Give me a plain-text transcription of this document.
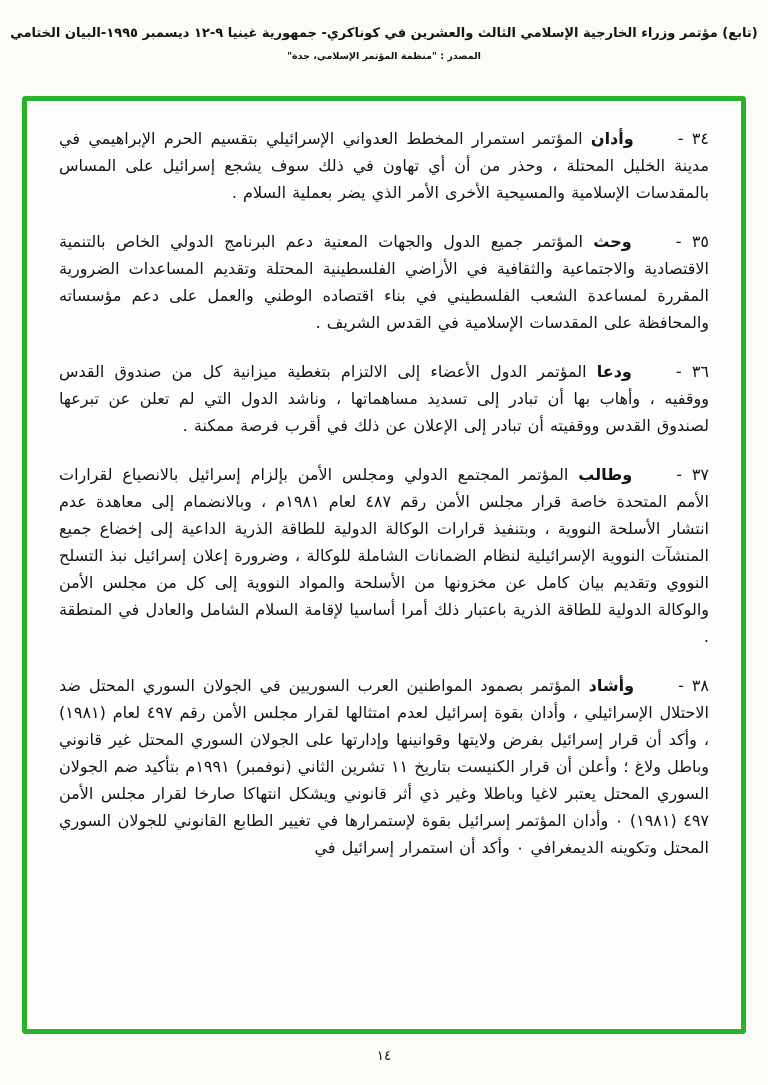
(تابع) مؤتمر وزراء الخارجية الإسلامي الثالث والعشرين في كوناكري- جمهورية غينيا ٩-١٢ ديسمبر ١٩٩٥-البيان الختامي
المصدر : "منظمة المؤتمر الإسلامي، جدة"
٣٤ -وأدان المؤتمر استمرار المخطط العدواني الإسرائيلي بتقسيم الحرم الإبراهيمي في مدينة الخليل المحتلة ، وحذر من أن أي تهاون في ذلك سوف يشجع إسرائيل على المساس بالمقدسات الإسلامية والمسيحية الأخرى الأمر الذي يضر بعملية السلام .
٣٥ -وحث المؤتمر جميع الدول والجهات المعنية دعم البرنامج الدولي الخاص بالتنمية الاقتصادية والاجتماعية والثقافية في الأراضي الفلسطينية المحتلة وتقديم المساعدات الضرورية المقررة لمساعدة الشعب الفلسطيني في بناء اقتصاده الوطني والعمل على دعم مؤسساته والمحافظة على المقدسات الإسلامية في القدس الشريف .
٣٦ -ودعا المؤتمر الدول الأعضاء إلى الالتزام بتغطية ميزانية كل من صندوق القدس ووقفيه ، وأهاب بها أن تبادر إلى تسديد مساهماتها ، وناشد الدول التي لم تعلن عن تبرعها لصندوق القدس ووقفيته أن تبادر إلى الإعلان عن ذلك في أقرب فرصة ممكنة .
٣٧ -وطالب المؤتمر المجتمع الدولي ومجلس الأمن بإلزام إسرائيل بالانصياع لقرارات الأمم المتحدة خاصة قرار مجلس الأمن رقم ٤٨٧ لعام ١٩٨١م ، وبالانضمام إلى معاهدة عدم انتشار الأسلحة النووية ، وبتنفيذ قرارات الوكالة الدولية للطاقة الذرية الداعية إلى إخضاع جميع المنشآت النووية الإسرائيلية لنظام الضمانات الشاملة للوكالة ، وضرورة إعلان إسرائيل نبذ التسلح النووي وتقديم بيان كامل عن مخزونها من الأسلحة والمواد النووية إلى كل من مجلس الأمن والوكالة الدولية للطاقة الذرية باعتبار ذلك أمرا أساسيا لإقامة السلام الشامل والعادل في المنطقة .
٣٨ -وأشاد المؤتمر بصمود المواطنين العرب السوريين في الجولان السوري المحتل ضد الاحتلال الإسرائيلي ، وأدان بقوة إسرائيل لعدم امتثالها لقرار مجلس الأمن رقم ٤٩٧ لعام (١٩٨١) ، وأكد أن قرار إسرائيل بفرض ولايتها وقوانينها وإدارتها على الجولان السوري المحتل غير قانوني وباطل ولاغ ؛ وأعلن أن قرار الكنيست بتاريخ ١١ تشرين الثاني (نوفمبر) ١٩٩١م بتأكيد ضم الجولان السوري المحتل يعتبر لاغيا وباطلا وغير ذي أثر قانوني ويشكل انتهاكا صارخا لقرار مجلس الأمن ٤٩٧ (١٩٨١) ٠ وأدان المؤتمر إسرائيل بقوة لإستمرارها في تغيير الطابع القانوني للجولان السوري المحتل وتكوينه الديمغرافي ٠ وأكد أن استمرار إسرائيل في
١٤
